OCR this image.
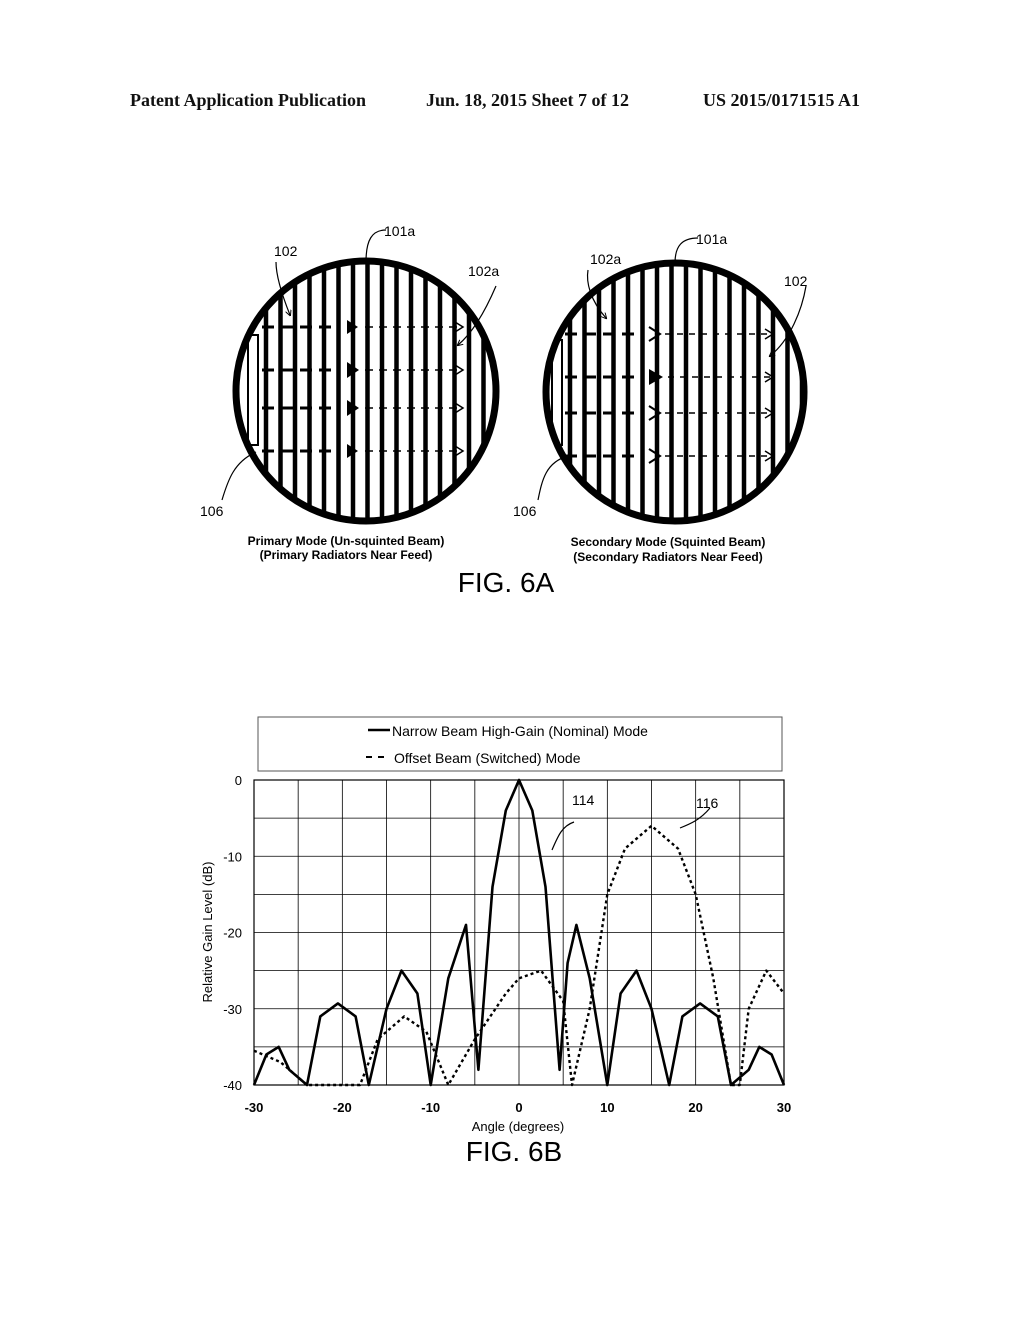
Patent Application Publication	Jun. 18, 2015 Sheet 7 of 12	US 2015/0171515 A1
101a
102
102a
106
Primary Mode (Un-squinted Beam)
(Primary Radiators Near Feed)
101a
102a
102
106
Secondary Mode (Squinted Beam)
(Secondary Radiators Near Feed)
FIG. 6A
Narrow Beam High-Gain (Nominal) Mode
Offset Beam (Switched) Mode
0
-10
-20
-30
-40
-30	-20	-10	0	10	20	30
Relative Gain Level (dB)
Angle (degrees)
114	116
FIG. 6B
